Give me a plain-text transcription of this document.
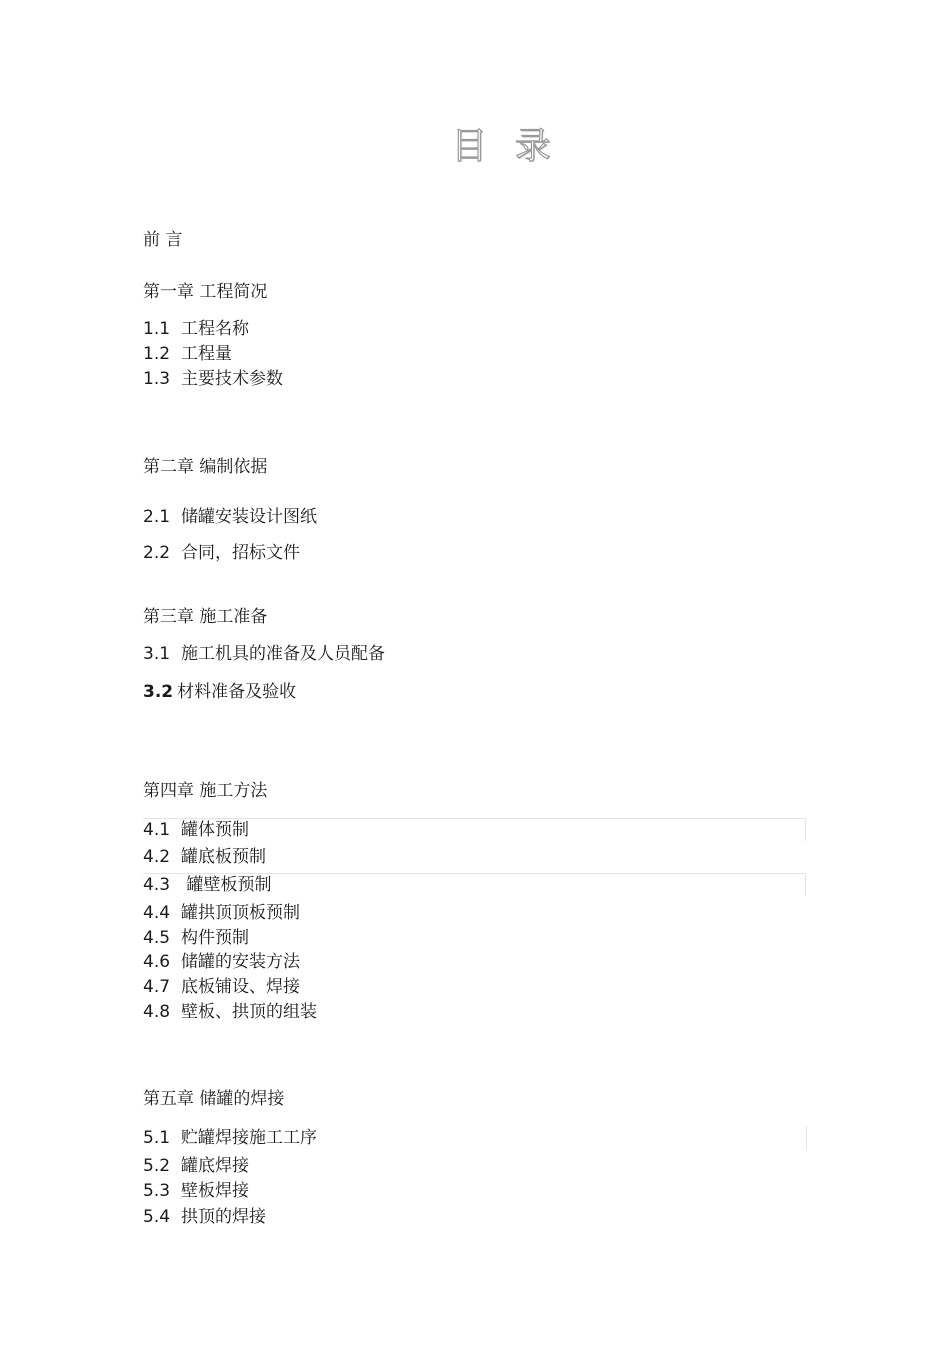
目 录
前 言
第一章 工程简况
1.1 工程名称
1.2 工程量
1.3 主要技术参数
第二章 编制依据
2.1 储罐安装设计图纸
2.2 合同，招标文件
第三章 施工准备
3.1 施工机具的准备及人员配备
3.2 材料准备及验收
第四章 施工方法
4.1 罐体预制
4.2 罐底板预制
4.3 罐壁板预制
4.4 罐拱顶顶板预制
4.5 构件预制
4.6 储罐的安装方法
4.7 底板铺设、焊接
4.8 壁板、拱顶的组装
第五章 储罐的焊接
5.1 贮罐焊接施工工序
5.2 罐底焊接
5.3 壁板焊接
5.4 拱顶的焊接
